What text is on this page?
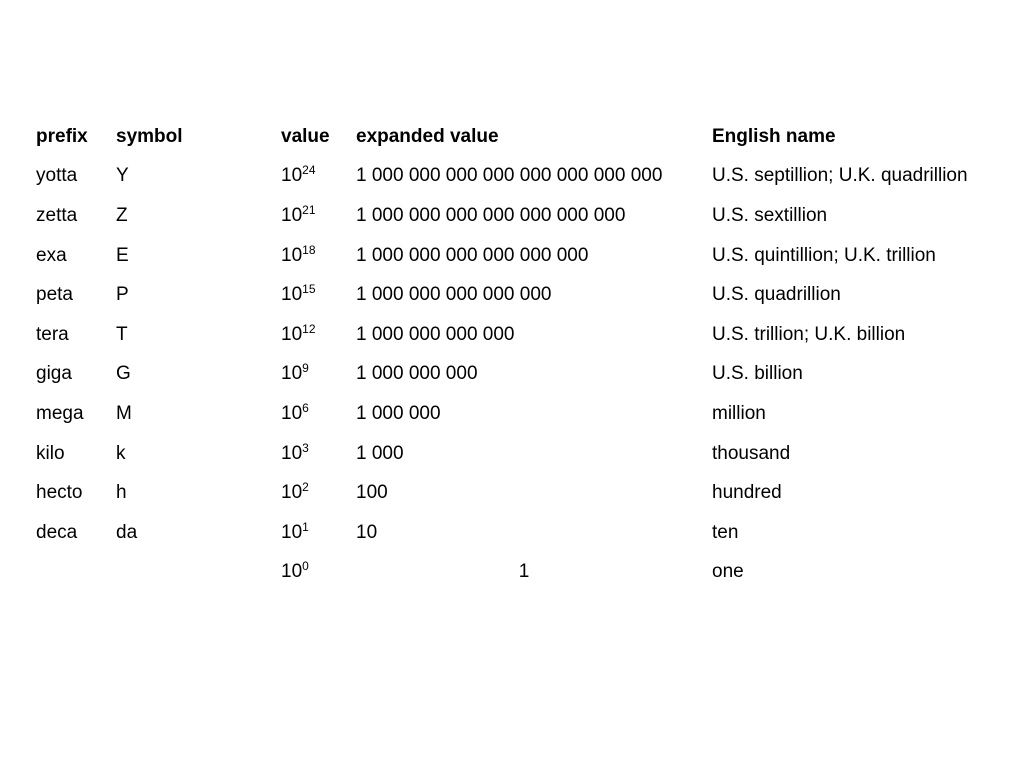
prefix	symbol	value	expanded value	English name
yotta	Y	$10^{24}$	1 000 000 000 000 000 000 000 000	U.S. septillion; U.K. quadrillion
zetta	Z	$10^{21}$	1 000 000 000 000 000 000 000	U.S. sextillion
exa	E	$10^{18}$	1 000 000 000 000 000 000	U.S. quintillion; U.K. trillion
peta	P	$10^{15}$	1 000 000 000 000 000	U.S. quadrillion
tera	T	$10^{12}$	1 000 000 000 000	U.S. trillion; U.K. billion
giga	G	$10^9$	1 000 000 000	U.S. billion
mega	M	$10^6$	1 000 000	million
kilo	k	$10^3$	1 000	thousand
hecto	h	$10^2$	100	hundred
deca	da	$10^1$	10	ten
		$10^0$	1	one
